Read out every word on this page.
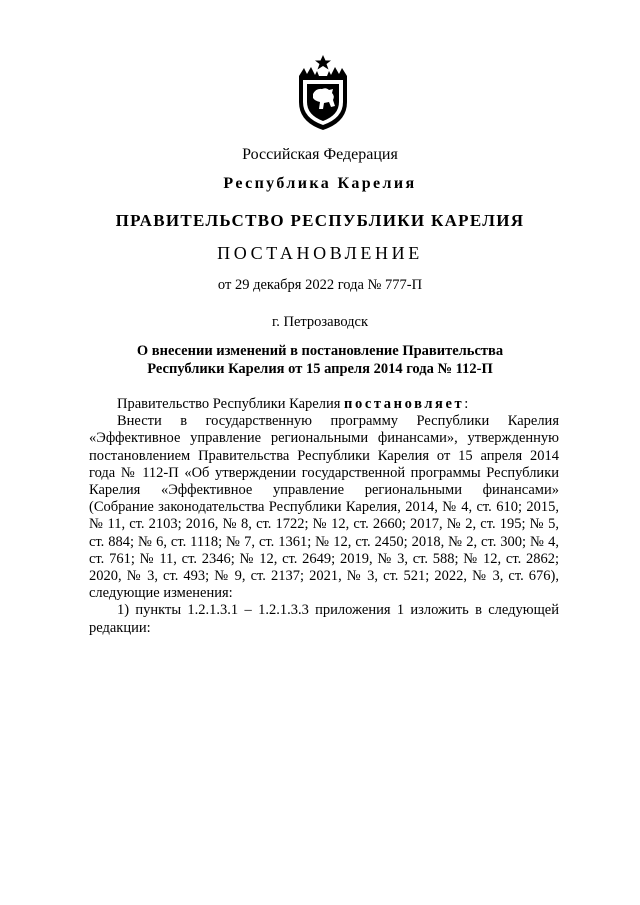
Российская Федерация
Республика Карелия
ПРАВИТЕЛЬСТВО РЕСПУБЛИКИ КАРЕЛИЯ
ПОСТАНОВЛЕНИЕ
от 29 декабря 2022 года № 777-П
г. Петрозаводск
О внесении изменений в постановление Правительства
Республики Карелия от 15 апреля 2014 года № 112-П

Правительство Республики Карелия постановляет:

Внести в государственную программу Республики Карелия «Эффективное управление региональными финансами», утвержденную постановлением Правительства Республики Карелия от 15 апреля 2014 года № 112-П «Об утверждении государственной программы Республики Карелия «Эффективное управление региональными финансами» (Собрание законодательства Республики Карелия, 2014, № 4, ст. 610; 2015, № 11, ст. 2103; 2016, № 8, ст. 1722; № 12, ст. 2660; 2017, № 2, ст. 195; № 5, ст. 884; № 6, ст. 1118; № 7, ст. 1361; № 12, ст. 2450; 2018, № 2, ст. 300; № 4, ст. 761; № 11, ст. 2346; № 12, ст. 2649; 2019, № 3, ст. 588; № 12, ст. 2862; 2020, № 3, ст. 493; № 9, ст. 2137; 2021, № 3, ст. 521; 2022, № 3, ст. 676), следующие изменения:

1) пункты 1.2.1.3.1 – 1.2.1.3.3 приложения 1 изложить в следующей редакции:
